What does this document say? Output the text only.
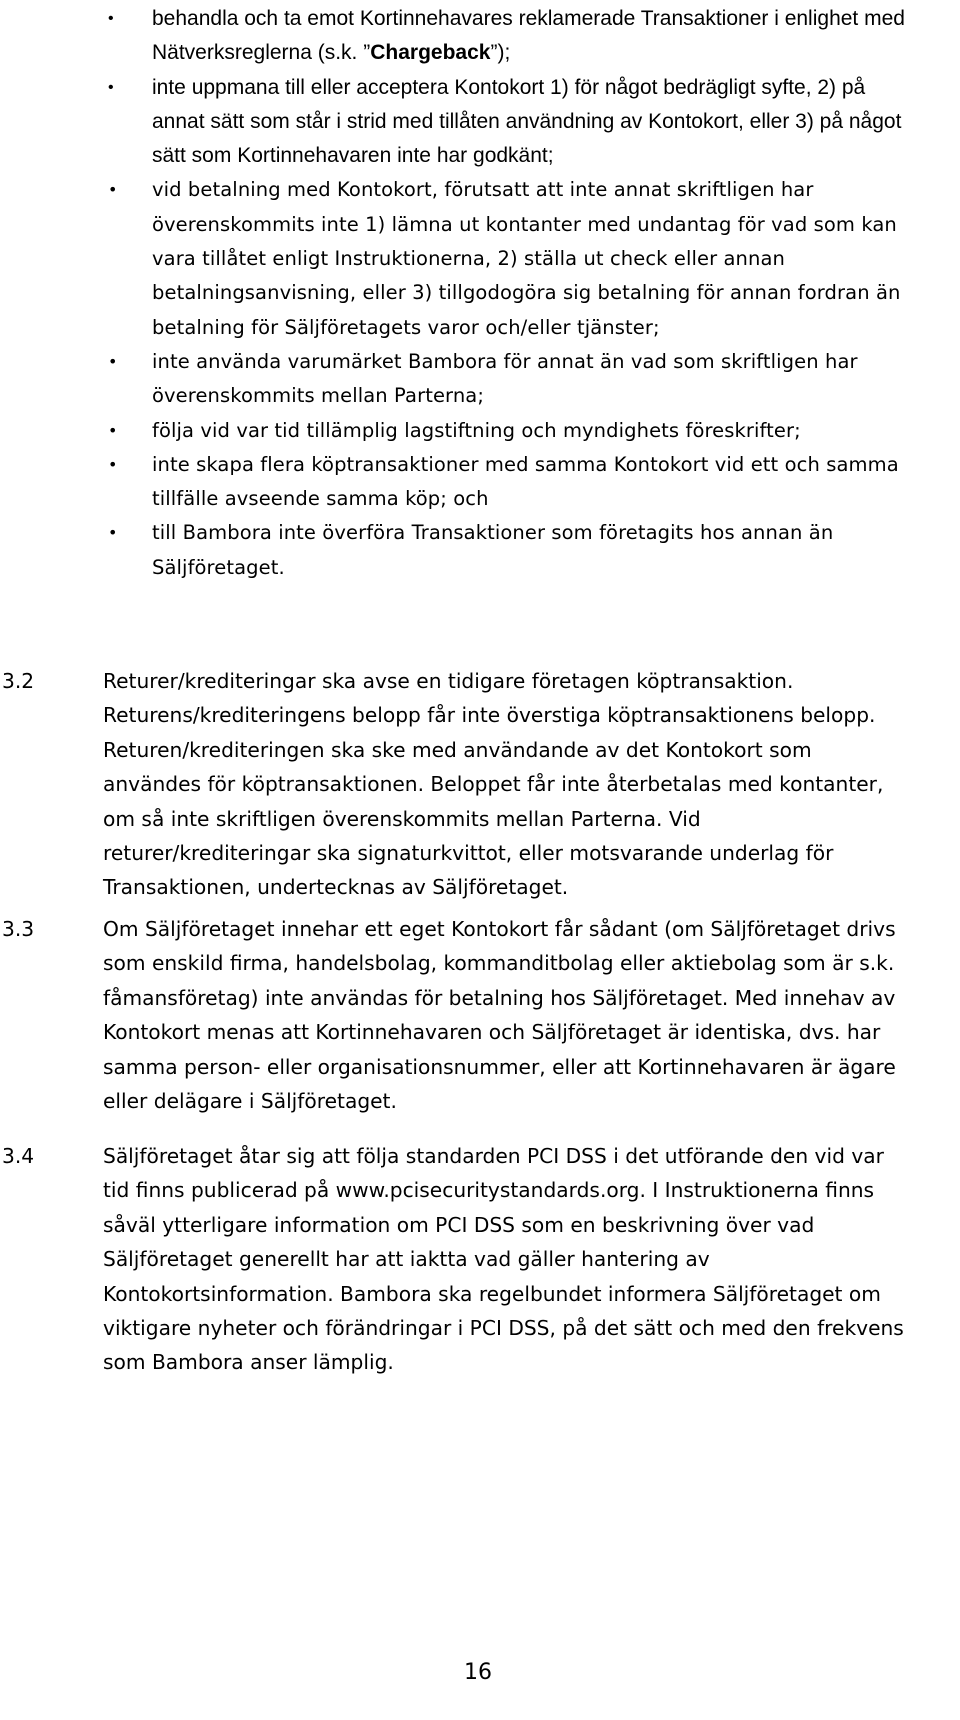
• behandla och ta emot Kortinnehavares reklamerade Transaktioner i enlighet med Nätverksreglerna (s.k. ”Chargeback”);
• inte uppmana till eller acceptera Kontokort 1) för något bedrägligt syfte, 2) på annat sätt som står i strid med tillåten användning av Kontokort, eller 3) på något sätt som Kortinnehavaren inte har godkänt;
• vid betalning med Kontokort, förutsatt att inte annat skriftligen har överenskommits inte 1) lämna ut kontanter med undantag för vad som kan vara tillåtet enligt Instruktionerna, 2) ställa ut check eller annan betalningsanvisning, eller 3) tillgodogöra sig betalning för annan fordran än betalning för Säljföretagets varor och/eller tjänster;
• inte använda varumärket Bambora för annat än vad som skriftligen har överenskommits mellan Parterna;
• följa vid var tid tillämplig lagstiftning och myndighets föreskrifter;
• inte skapa flera köptransaktioner med samma Kontokort vid ett och samma tillfälle avseende samma köp; och
• till Bambora inte överföra Transaktioner som företagits hos annan än Säljföretaget.
3.2	Returer/krediteringar ska avse en tidigare företagen köptransaktion. Returens/krediteringens belopp får inte överstiga köptransaktionens belopp. Returen/krediteringen ska ske med användande av det Kontokort som användes för köptransaktionen. Beloppet får inte återbetalas med kontanter, om så inte skriftligen överenskommits mellan Parterna. Vid returer/krediteringar ska signaturkvittot, eller motsvarande underlag för Transaktionen, undertecknas av Säljföretaget.
3.3	Om Säljföretaget innehar ett eget Kontokort får sådant (om Säljföretaget drivs som enskild firma, handelsbolag, kommanditbolag eller aktiebolag som är s.k. fåmansföretag) inte användas för betalning hos Säljföretaget. Med innehav av Kontokort menas att Kortinnehavaren och Säljföretaget är identiska, dvs. har samma person- eller organisationsnummer, eller att Kortinnehavaren är ägare eller delägare i Säljföretaget.
3.4	Säljföretaget åtar sig att följa standarden PCI DSS i det utförande den vid var tid finns publicerad på www.pcisecuritystandards.org. I Instruktionerna finns såväl ytterligare information om PCI DSS som en beskrivning över vad Säljföretaget generellt har att iaktta vad gäller hantering av Kontokortsinformation. Bambora ska regelbundet informera Säljföretaget om viktigare nyheter och förändringar i PCI DSS, på det sätt och med den frekvens som Bambora anser lämplig.
16
